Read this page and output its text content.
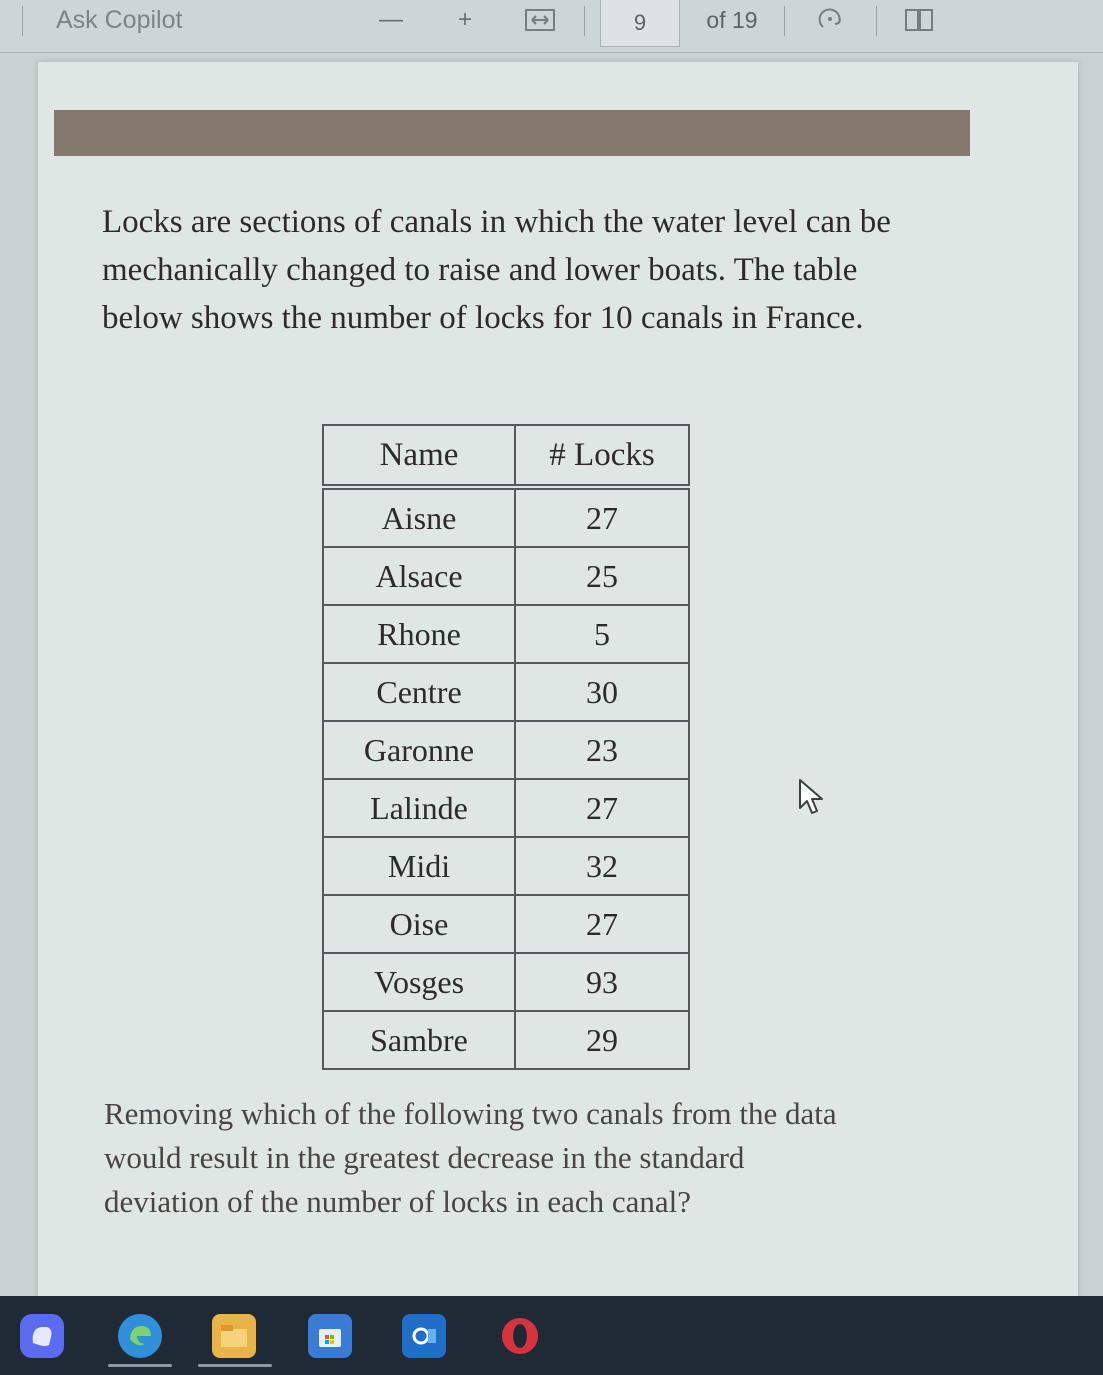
Ask Copilot	—	+	9	of 19
Locks are sections of canals in which the water level can be mechanically changed to raise and lower boats. The table below shows the number of locks for 10 canals in France.
Name	# Locks
Aisne	27
Alsace	25
Rhone	5
Centre	30
Garonne	23
Lalinde	27
Midi	32
Oise	27
Vosges	93
Sambre	29
Removing which of the following two canals from the data would result in the greatest decrease in the standard deviation of the number of locks in each canal?
